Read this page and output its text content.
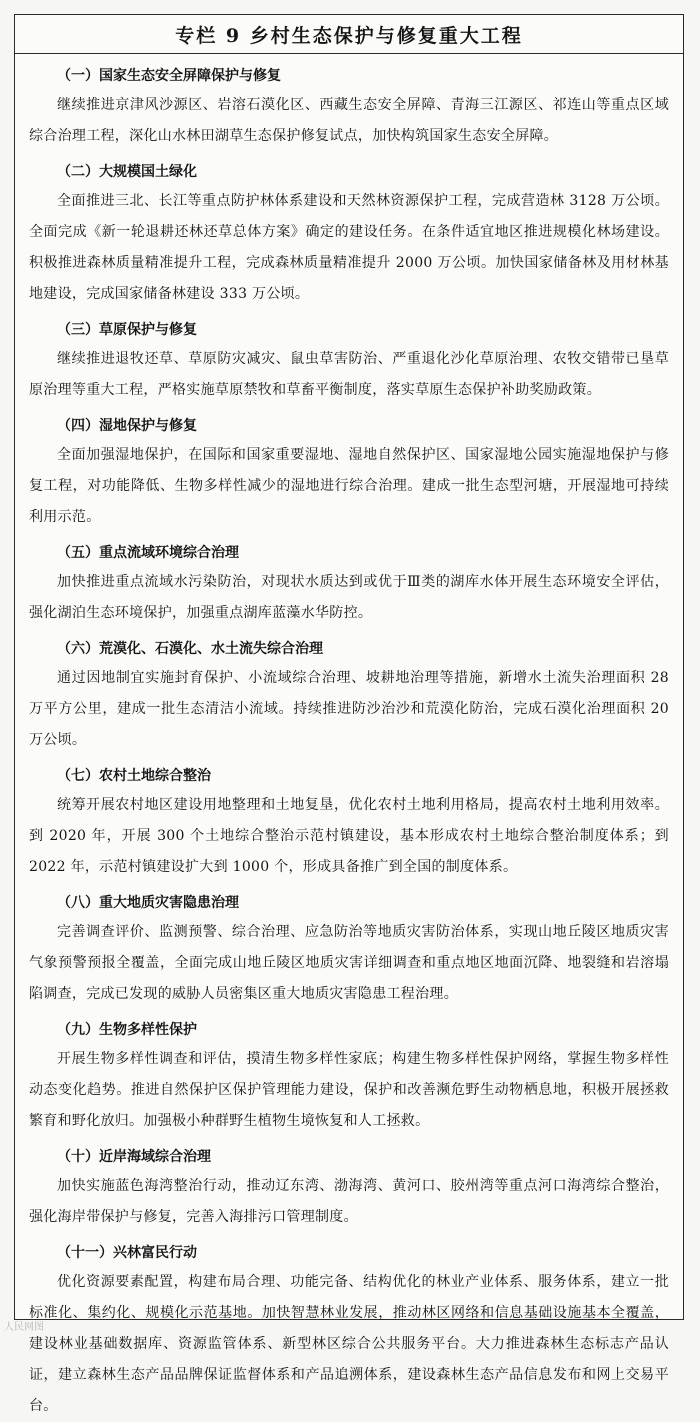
专栏 9 乡村生态保护与修复重大工程

（一）国家生态安全屏障保护与修复

继续推进京津风沙源区、岩溶石漠化区、西藏生态安全屏障、青海三江源区、祁连山等重点区域综合治理工程，深化山水林田湖草生态保护修复试点，加快构筑国家生态安全屏障。

（二）大规模国土绿化

全面推进三北、长江等重点防护林体系建设和天然林资源保护工程，完成营造林 3128 万公顷。全面完成《新一轮退耕还林还草总体方案》确定的建设任务。在条件适宜地区推进规模化林场建设。积极推进森林质量精准提升工程，完成森林质量精准提升 2000 万公顷。加快国家储备林及用材林基地建设，完成国家储备林建设 333 万公顷。

（三）草原保护与修复

继续推进退牧还草、草原防灾减灾、鼠虫草害防治、严重退化沙化草原治理、农牧交错带已垦草原治理等重大工程，严格实施草原禁牧和草畜平衡制度，落实草原生态保护补助奖励政策。

（四）湿地保护与修复

全面加强湿地保护，在国际和国家重要湿地、湿地自然保护区、国家湿地公园实施湿地保护与修复工程，对功能降低、生物多样性减少的湿地进行综合治理。建成一批生态型河塘，开展湿地可持续利用示范。

（五）重点流域环境综合治理

加快推进重点流域水污染防治，对现状水质达到或优于Ⅲ类的湖库水体开展生态环境安全评估，强化湖泊生态环境保护，加强重点湖库蓝藻水华防控。

（六）荒漠化、石漠化、水土流失综合治理

通过因地制宜实施封育保护、小流域综合治理、坡耕地治理等措施，新增水土流失治理面积 28 万平方公里，建成一批生态清洁小流域。持续推进防沙治沙和荒漠化防治，完成石漠化治理面积 20 万公顷。

（七）农村土地综合整治

统筹开展农村地区建设用地整理和土地复垦，优化农村土地利用格局，提高农村土地利用效率。到 2020 年，开展 300 个土地综合整治示范村镇建设，基本形成农村土地综合整治制度体系；到 2022 年，示范村镇建设扩大到 1000 个，形成具备推广到全国的制度体系。

（八）重大地质灾害隐患治理

完善调查评价、监测预警、综合治理、应急防治等地质灾害防治体系，实现山地丘陵区地质灾害气象预警预报全覆盖，全面完成山地丘陵区地质灾害详细调查和重点地区地面沉降、地裂缝和岩溶塌陷调查，完成已发现的威胁人员密集区重大地质灾害隐患工程治理。

（九）生物多样性保护

开展生物多样性调查和评估，摸清生物多样性家底；构建生物多样性保护网络，掌握生物多样性动态变化趋势。推进自然保护区保护管理能力建设，保护和改善濒危野生动物栖息地，积极开展拯救繁育和野化放归。加强极小种群野生植物生境恢复和人工拯救。

（十）近岸海域综合治理

加快实施蓝色海湾整治行动，推动辽东湾、渤海湾、黄河口、胶州湾等重点河口海湾综合整治，强化海岸带保护与修复，完善入海排污口管理制度。

（十一）兴林富民行动

优化资源要素配置，构建布局合理、功能完备、结构优化的林业产业体系、服务体系，建立一批标准化、集约化、规模化示范基地。加快智慧林业发展，推动林区网络和信息基础设施基本全覆盖，建设林业基础数据库、资源监管体系、新型林区综合公共服务平台。大力推进森林生态标志产品认证，建立森林生态产品品牌保证监督体系和产品追溯体系，建设森林生态产品信息发布和网上交易平台。

人民网图
